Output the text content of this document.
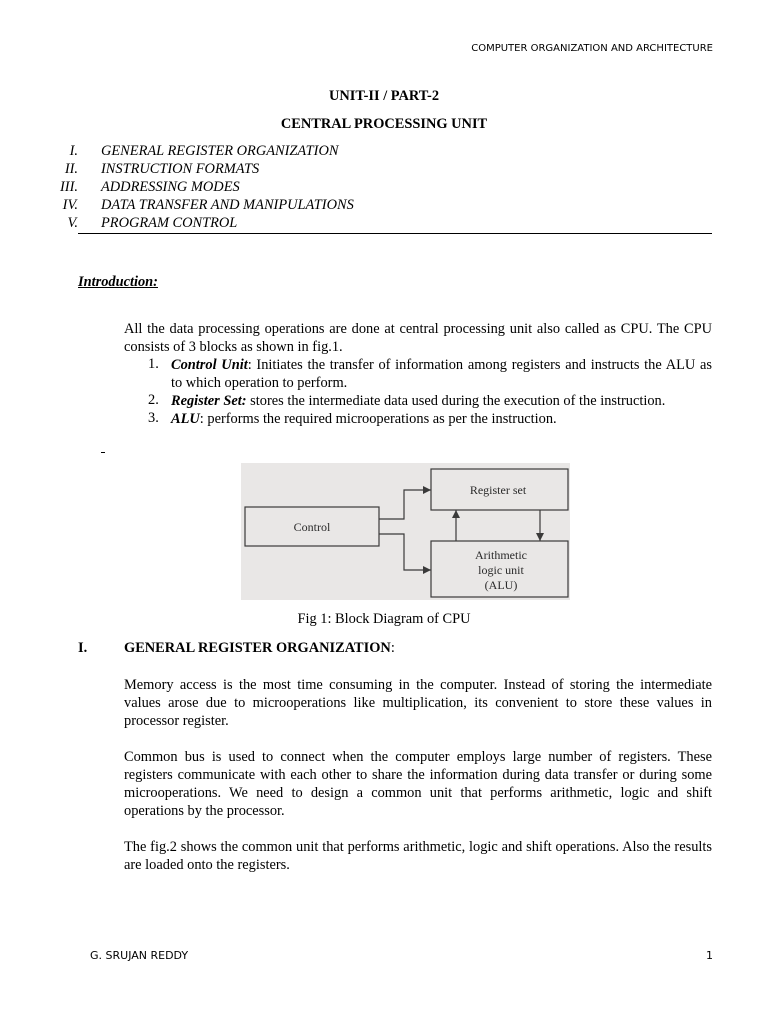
COMPUTER ORGANIZATION AND ARCHITECTURE
UNIT-II / PART-2
CENTRAL PROCESSING UNIT
I. GENERAL REGISTER ORGANIZATION
II. INSTRUCTION FORMATS
III. ADDRESSING MODES
IV. DATA TRANSFER AND MANIPULATIONS
V. PROGRAM CONTROL
Introduction:
All the data processing operations are done at central processing unit also called as CPU. The CPU consists of 3 blocks as shown in fig.1.
1. Control Unit: Initiates the transfer of information among registers and instructs the ALU as to which operation to perform.
2. Register Set: stores the intermediate data used during the execution of the instruction.
3. ALU: performs the required microoperations as per the instruction.
Control
Register set
Arithmetic
logic unit
(ALU)
Fig 1: Block Diagram of CPU
I.	GENERAL REGISTER ORGANIZATION:
Memory access is the most time consuming in the computer. Instead of storing the intermediate values arose due to microoperations like multiplication, its convenient to store these values in processor register.
Common bus is used to connect when the computer employs large number of registers. These registers communicate with each other to share the information during data transfer or during some microoperations. We need to design a common unit that performs arithmetic, logic and shift operations by the processor.
The fig.2 shows the common unit that performs arithmetic, logic and shift operations. Also the results are loaded onto the registers.
G. SRUJAN REDDY	1
